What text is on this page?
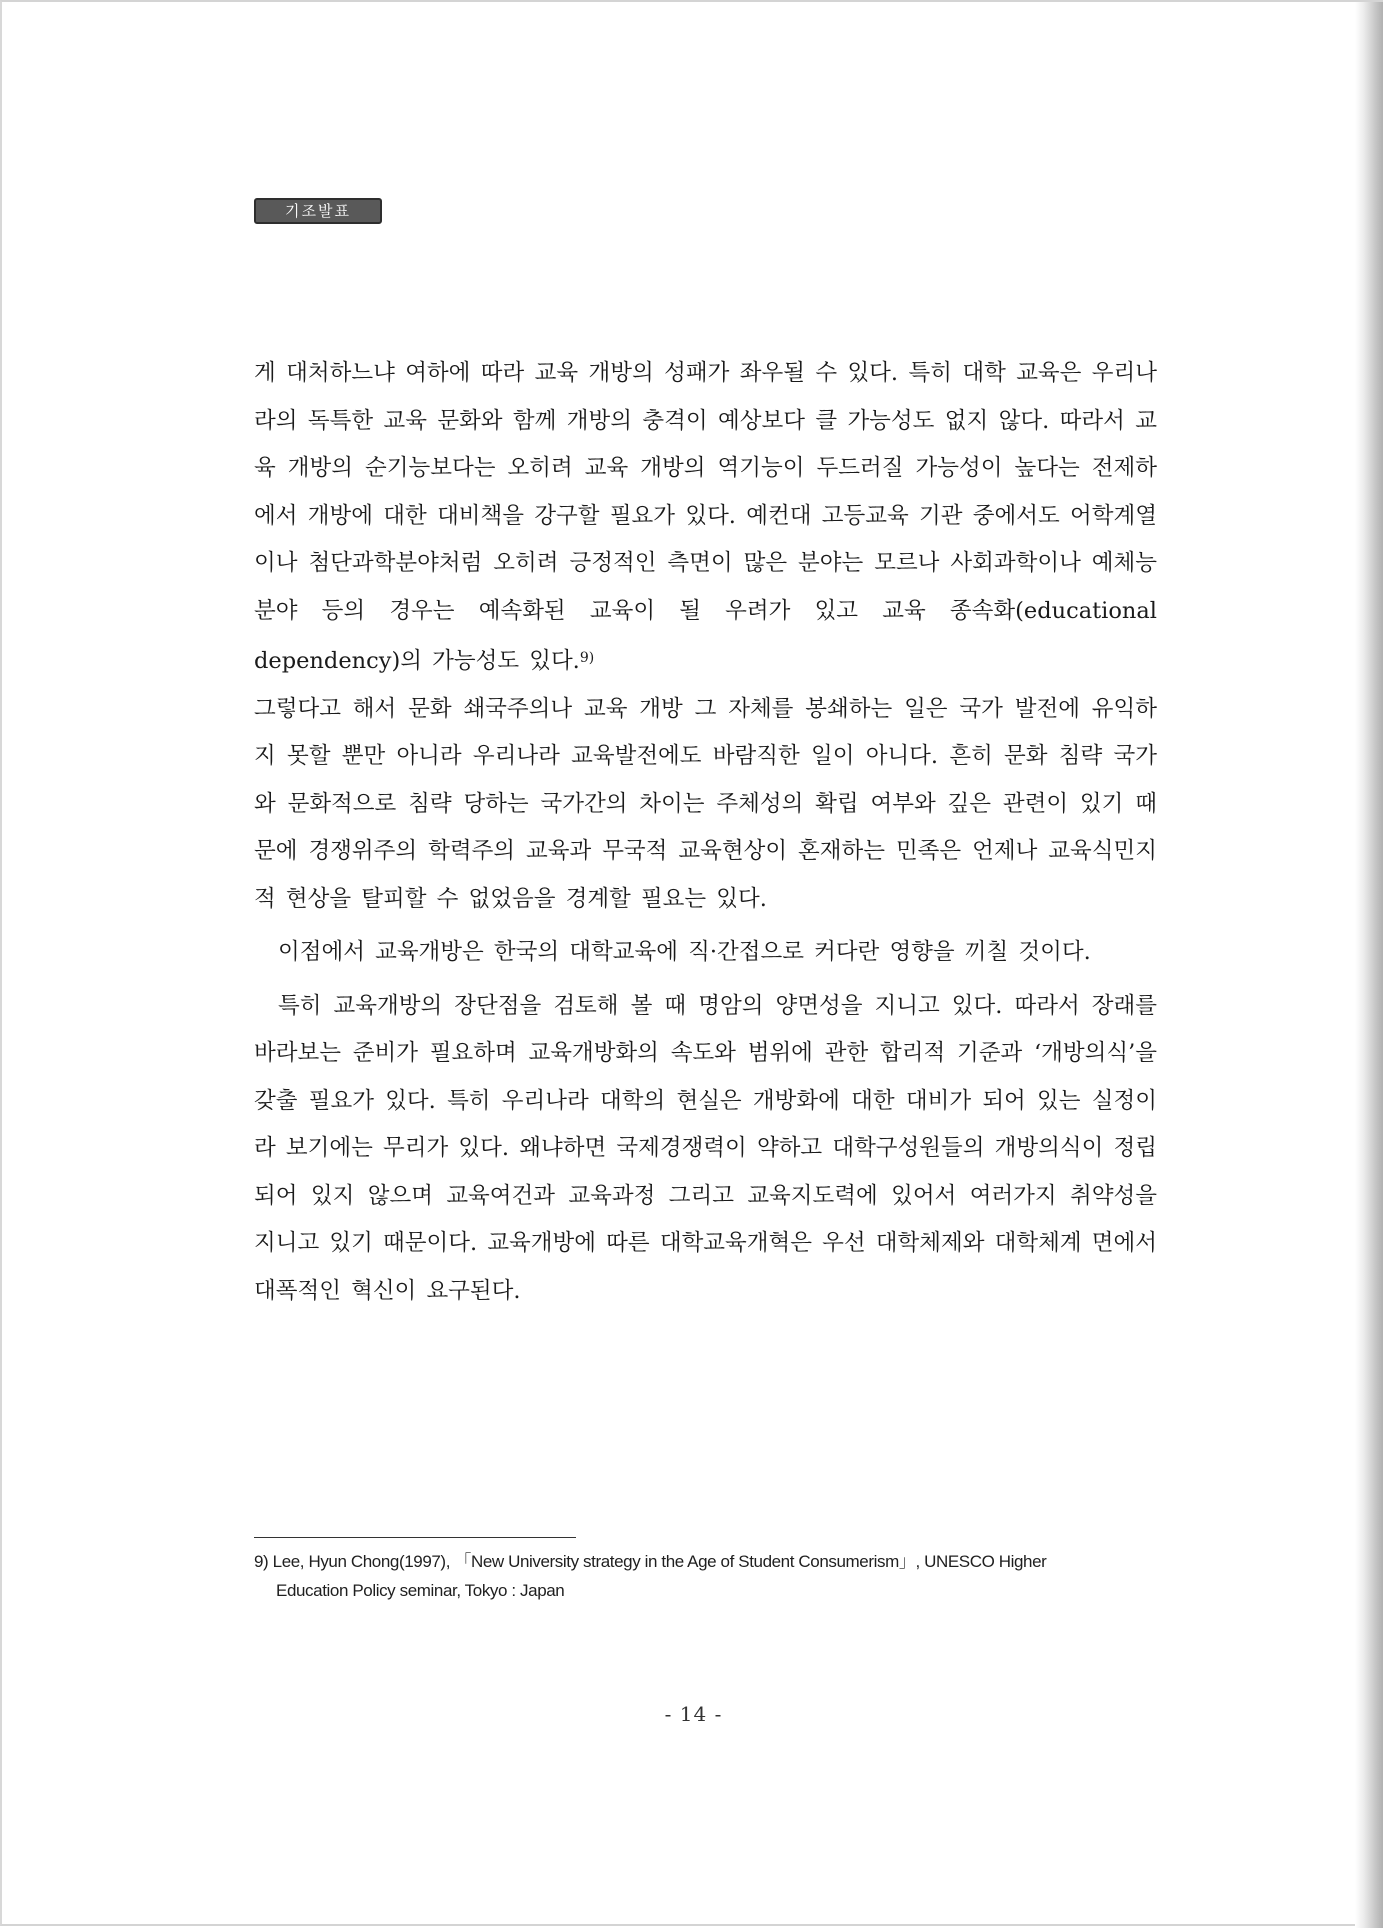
기조발표

게 대처하느냐 여하에 따라 교육 개방의 성패가 좌우될 수 있다. 특히 대학 교육은 우리나라의 독특한 교육 문화와 함께 개방의 충격이 예상보다 클 가능성도 없지 않다. 따라서 교육 개방의 순기능보다는 오히려 교육 개방의 역기능이 두드러질 가능성이 높다는 전제하에서 개방에 대한 대비책을 강구할 필요가 있다. 예컨대 고등교육 기관 중에서도 어학계열이나 첨단과학분야처럼 오히려 긍정적인 측면이 많은 분야는 모르나 사회과학이나 예체능 분야 등의 경우는 예속화된 교육이 될 우려가 있고 교육 종속화(educational dependency)의 가능성도 있다.$^{9)}$
그렇다고 해서 문화 쇄국주의나 교육 개방 그 자체를 봉쇄하는 일은 국가 발전에 유익하지 못할 뿐만 아니라 우리나라 교육발전에도 바람직한 일이 아니다. 흔히 문화 침략 국가와 문화적으로 침략 당하는 국가간의 차이는 주체성의 확립 여부와 깊은 관련이 있기 때문에 경쟁위주의 학력주의 교육과 무국적 교육현상이 혼재하는 민족은 언제나 교육식민지적 현상을 탈피할 수 없었음을 경계할 필요는 있다.

이점에서 교육개방은 한국의 대학교육에 직·간접으로 커다란 영향을 끼칠 것이다.

특히 교육개방의 장단점을 검토해 볼 때 명암의 양면성을 지니고 있다. 따라서 장래를 바라보는 준비가 필요하며 교육개방화의 속도와 범위에 관한 합리적 기준과 ‘개방의식’을 갖출 필요가 있다. 특히 우리나라 대학의 현실은 개방화에 대한 대비가 되어 있는 실정이라 보기에는 무리가 있다. 왜냐하면 국제경쟁력이 약하고 대학구성원들의 개방의식이 정립되어 있지 않으며 교육여건과 교육과정 그리고 교육지도력에 있어서 여러가지 취약성을 지니고 있기 때문이다. 교육개방에 따른 대학교육개혁은 우선 대학체제와 대학체계 면에서 대폭적인 혁신이 요구된다.

9) Lee, Hyun Chong(1997), 「New University strategy in the Age of Student Consumerism」, UNESCO Higher
Education Policy seminar, Tokyo : Japan
- 14 -
